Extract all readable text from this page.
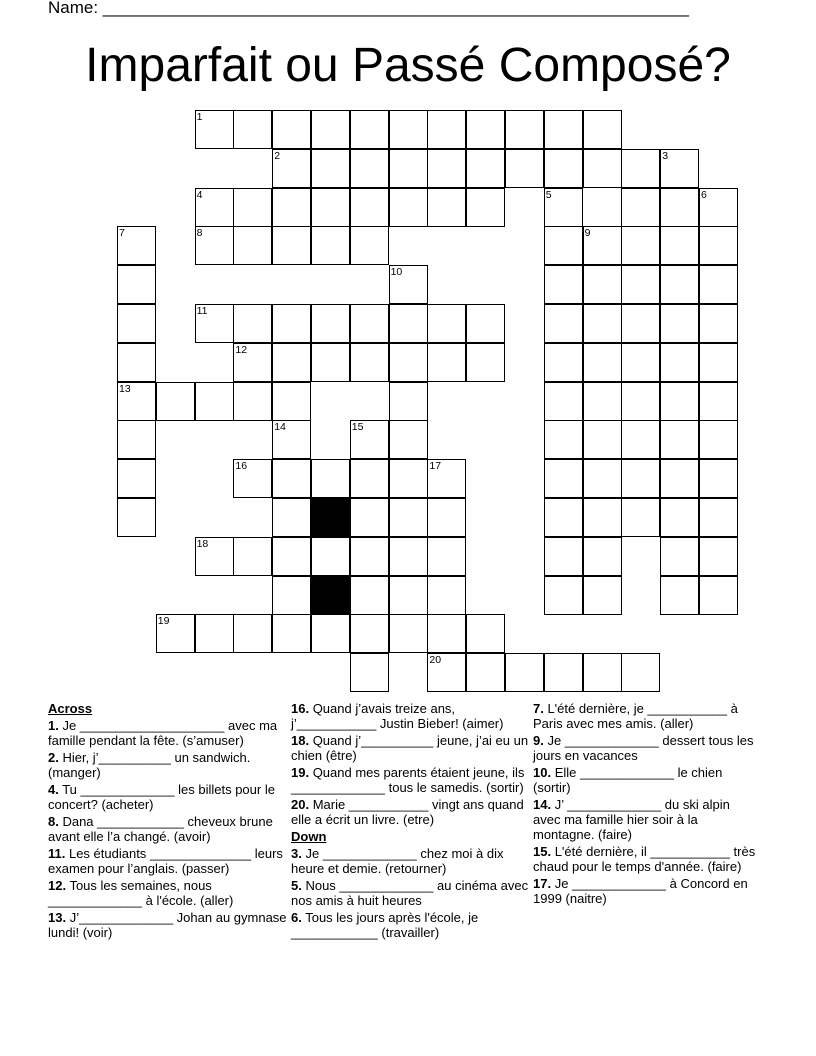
Name: ______________________________________________________________
Imparfait ou Passé Composé?
1
2	3
4	5	6
7	8	9
10
11
12
13
14	15
16	17
18
19
20
Across
1. Je ____________________ avec ma famille pendant la fête. (s’amuser)
2. Hier, j’__________ un sandwich. (manger)
4. Tu _____________ les billets pour le concert? (acheter)
8. Dana ____________ cheveux brune avant elle l’a changé. (avoir)
11. Les étudiants ______________ leurs examen pour l’anglais. (passer)
12. Tous les semaines, nous _____________ à l'école. (aller)
13. J’_____________ Johan au gymnase lundi! (voir)
16. Quand j’avais treize ans, j’___________ Justin Bieber! (aimer)
18. Quand j’__________ jeune, j’ai eu un chien (être)
19. Quand mes parents étaient jeune, ils _____________ tous le samedis. (sortir)
20. Marie ___________ vingt ans quand elle a écrit un livre. (etre)
Down
3. Je _____________ chez moi à dix heure et demie. (retourner)
5. Nous _____________ au cinéma avec nos amis à huit heures
6. Tous les jours après l'école, je ____________ (travailler)
7. L'été dernière, je ___________ à Paris avec mes amis. (aller)
9. Je _____________ dessert tous les jours en vacances
10. Elle _____________ le chien (sortir)
14. J’ _____________ du ski alpin avec ma famille hier soir à la montagne. (faire)
15. L'été dernière, il ___________ très chaud pour le temps d'année. (faire)
17. Je _____________ à Concord en 1999 (naitre)
